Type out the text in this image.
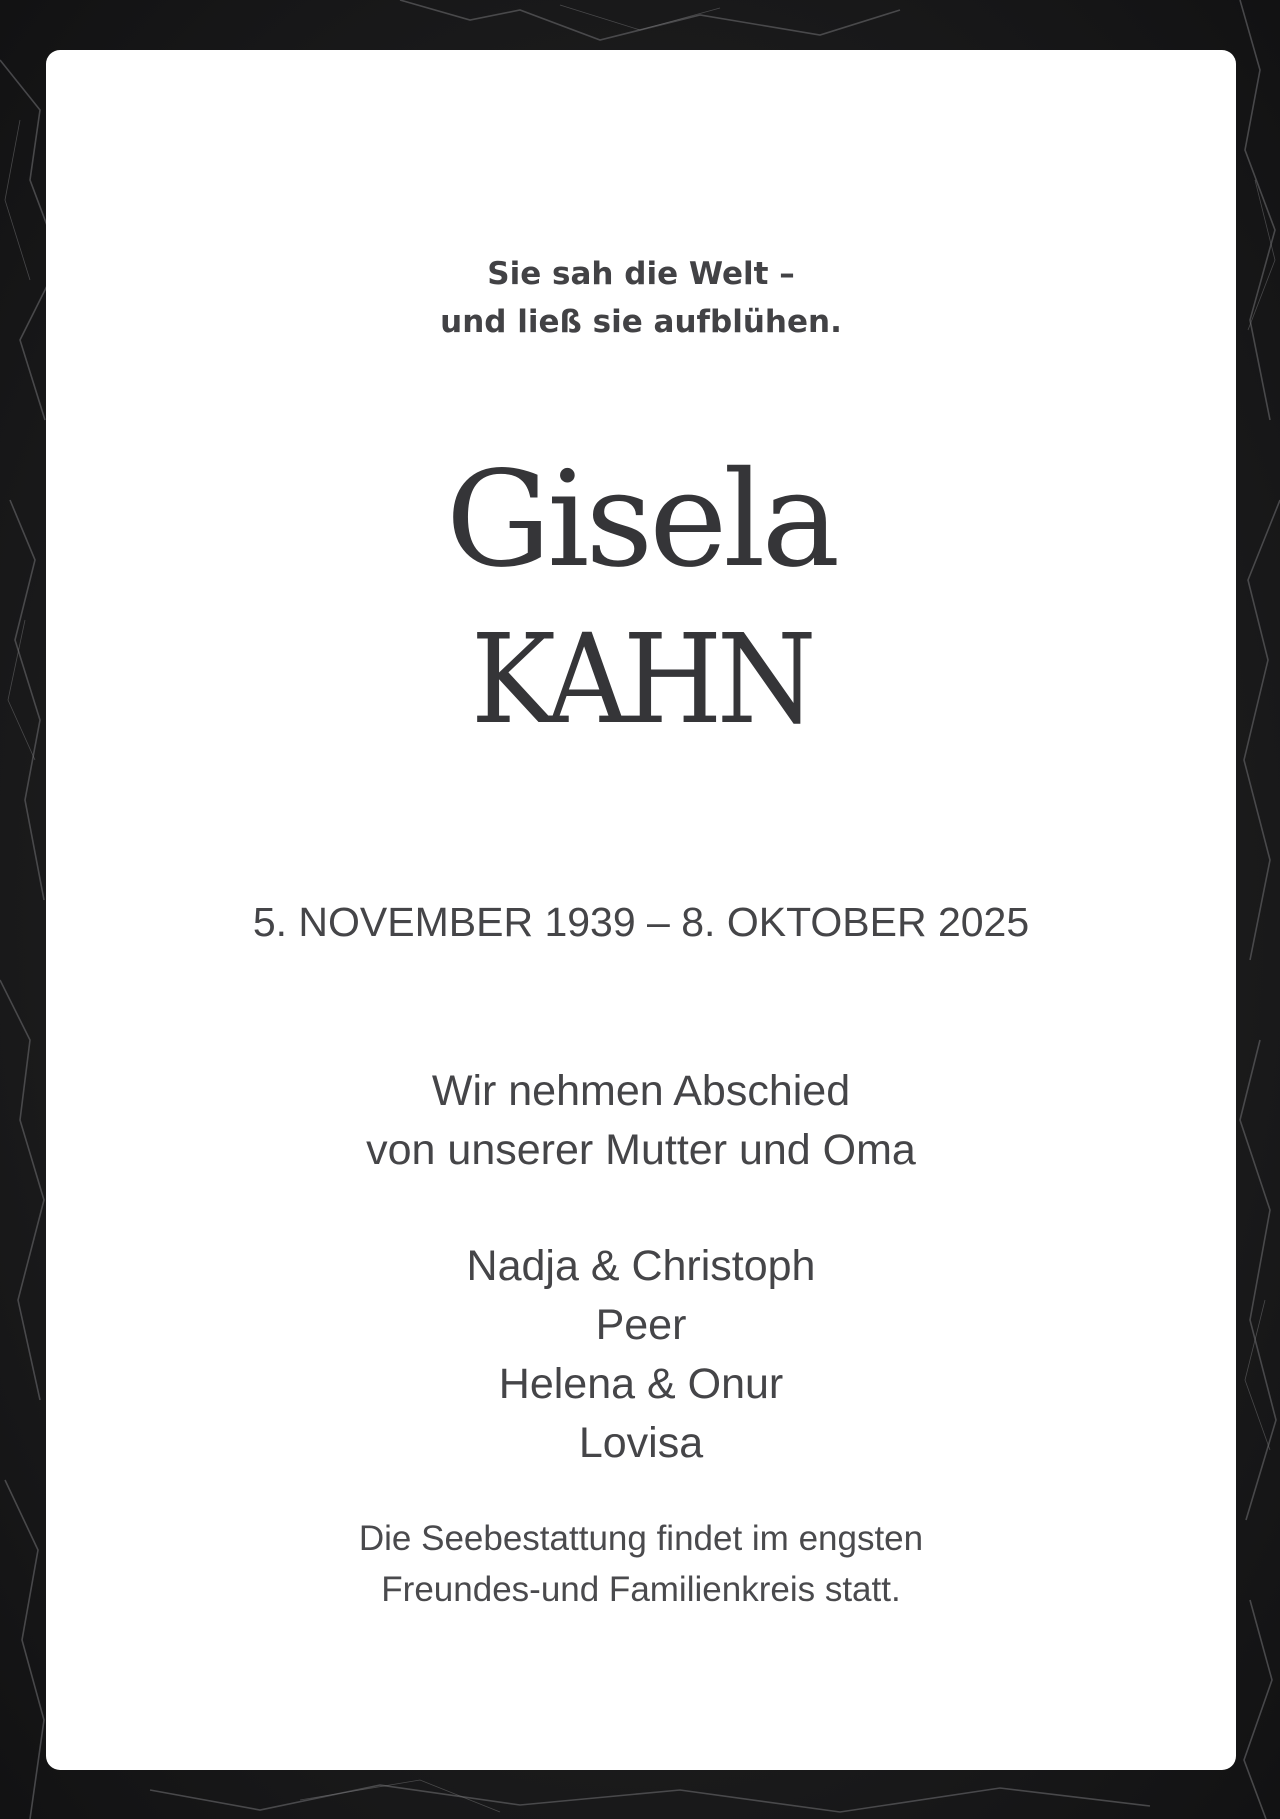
Sie sah die Welt –
und ließ sie aufblühen.
Gisela
KAHN
5. NOVEMBER 1939 – 8. OKTOBER 2025
Wir nehmen Abschied
von unserer Mutter und Oma
Nadja & Christoph
Peer
Helena & Onur
Lovisa
Die Seebestattung findet im engsten
Freundes-und Familienkreis statt.
